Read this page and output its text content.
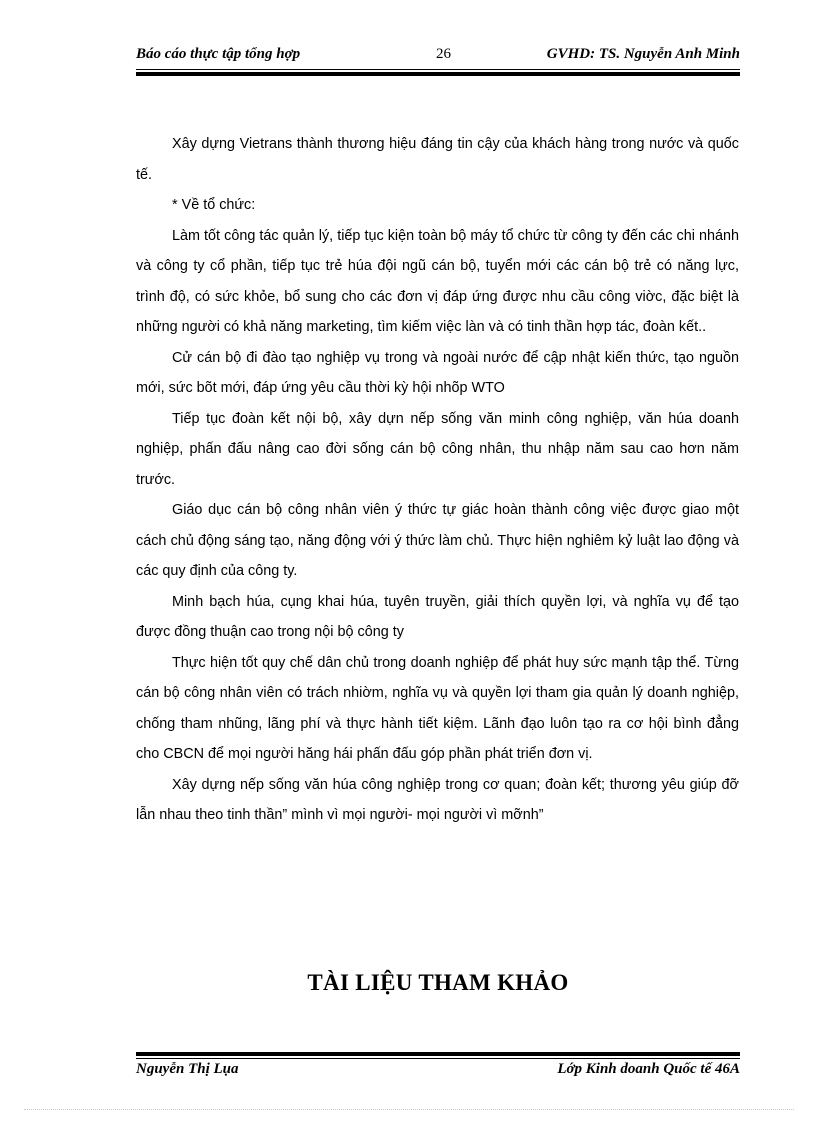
Báo cáo thực tập tổng hợp	26	GVHD: TS. Nguyễn Anh Minh

Xây dựng Vietrans thành thương hiệu đáng tin cậy của khách hàng trong nước và quốc tế.

* Về tổ chức:

Làm tốt công tác quản lý, tiếp tục kiện toàn bộ máy tổ chức từ công ty đến các chi nhánh và công ty cổ phần, tiếp tục trẻ húa đội ngũ cán bộ, tuyển mới các cán bộ trẻ có năng lực, trình độ, có sức khỏe, bổ sung cho các đơn vị đáp ứng được nhu cầu công viờc, đặc biệt là những người có khả năng marketing, tìm kiếm việc làn và có tinh thần hợp tác, đoàn kết..

Cử cán bộ đi đào tạo nghiệp vụ trong và ngoài nước để cập nhật kiến thức, tạo nguồn mới, sức bõt mới, đáp ứng yêu cầu thời kỳ hội nhõp WTO

Tiếp tục đoàn kết nội bộ, xây dựn nếp sống văn minh công nghiệp, văn húa doanh nghiệp, phấn đấu nâng cao đời sống cán bộ công nhân, thu nhập năm sau cao hơn năm trước.

Giáo dục cán bộ công nhân viên ý thức tự giác hoàn thành công việc được giao một cách chủ động sáng tạo, năng động với ý thức làm chủ. Thực hiện nghiêm kỷ luật lao động và các quy định của công ty.

Minh bạch húa, cụng khai húa, tuyên truyền, giải thích quyền lợi, và nghĩa vụ để tạo được đồng thuận cao trong nội bộ công ty

Thực hiện tốt quy chế dân chủ trong doanh nghiệp để phát huy sức mạnh tập thể. Từng cán bộ công nhân viên có trách nhiờm, nghĩa vụ và quyền lợi tham gia quản lý doanh nghiệp, chống tham nhũng, lãng phí và thực hành tiết kiệm. Lãnh đạo luôn tạo ra cơ hội bình đẳng cho CBCN để mọi người hăng hái phấn đấu góp phần phát triển đơn vị.

Xây dựng nếp sống văn húa công nghiệp trong cơ quan; đoàn kết; thương yêu giúp đỡ lẫn nhau theo tinh thần” mình vì mọi người- mọi người vì mỡnh”

TÀI LIỆU THAM KHẢO
Nguyễn Thị Lụa	Lớp Kinh doanh Quốc tế 46A
